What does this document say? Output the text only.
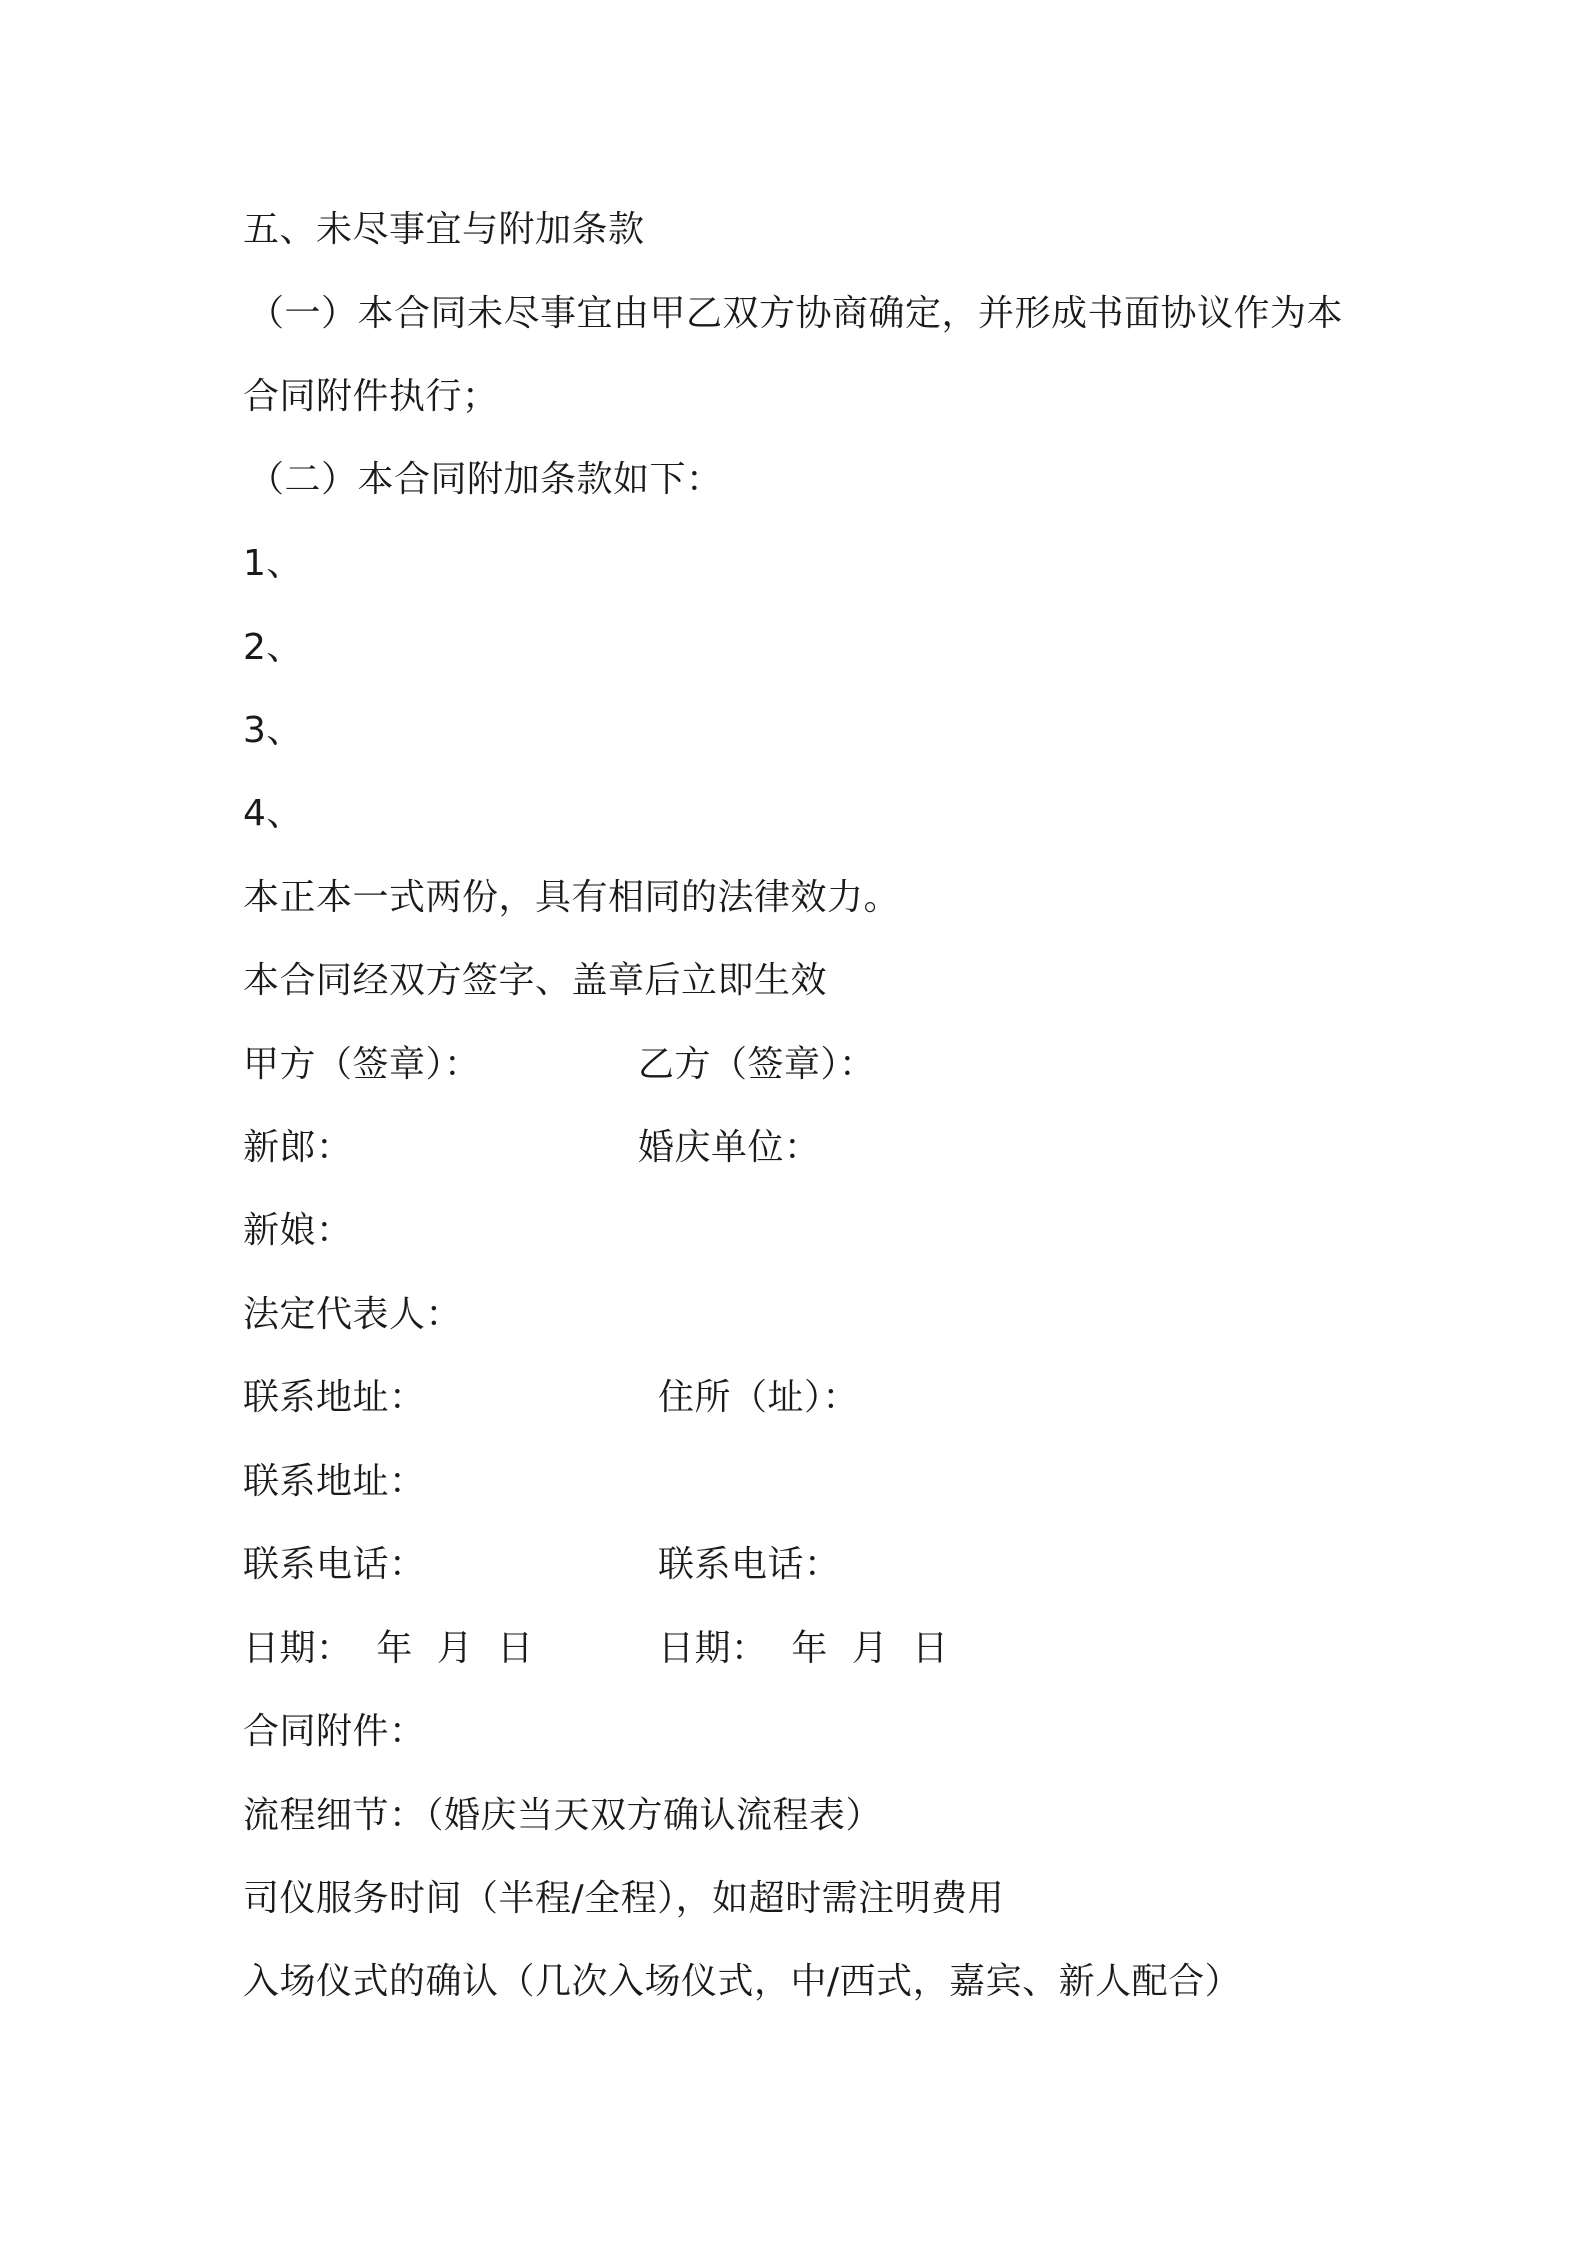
五、未尽事宜与附加条款
（一）本合同未尽事宜由甲乙双方协商确定，并形成书面协议作为本
合同附件执行；
（二）本合同附加条款如下：
1、
2、
3、
4、
本正本一式两份，具有相同的法律效力。
本合同经双方签字、盖章后立即生效
甲方（签章）：	乙方（签章）：
新郎：	婚庆单位：
新娘：
法定代表人：
联系地址：	住所（址）：
联系地址：
联系电话：	联系电话：
日期：  年  月  日	日期：  年  月  日
合同附件：
流程细节：（婚庆当天双方确认流程表）
司仪服务时间（半程/全程），如超时需注明费用
入场仪式的确认（几次入场仪式，中/西式，嘉宾、新人配合）
